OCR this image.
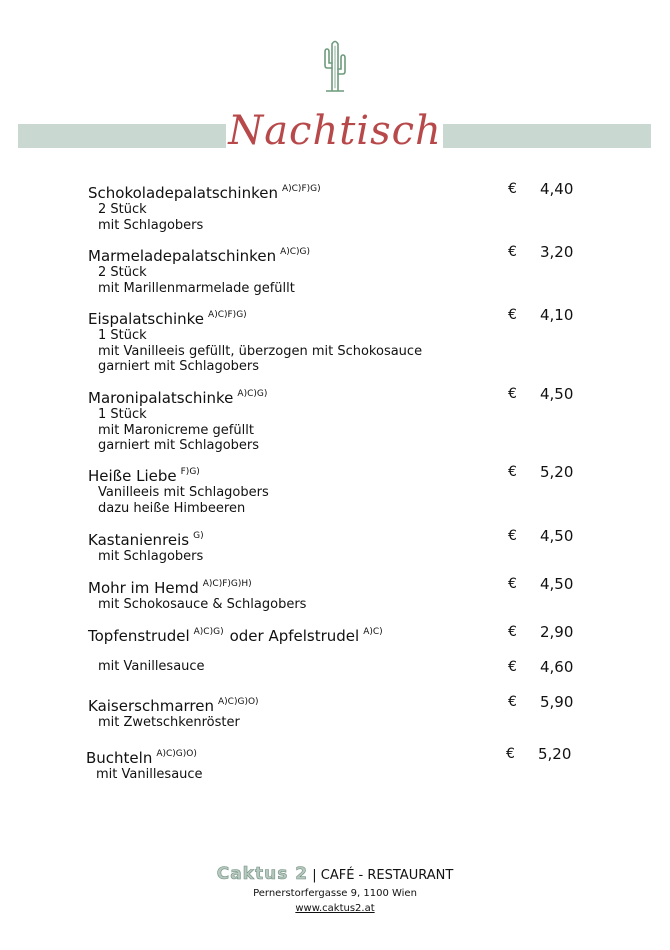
Nachtisch
Schokoladepalatschinken $^{A)C)F)G)}$
2 Stück
mit Schlagobers
€ 4,40
Marmeladepalatschinken $^{A)C)G)}$
2 Stück
mit Marillenmarmelade gefüllt
€ 3,20
Eispalatschinke $^{A)C)F)G)}$
1 Stück
mit Vanilleeis gefüllt, überzogen mit Schokosauce
garniert mit Schlagobers
€ 4,10
Maronipalatschinke $^{A)C)G)}$
1 Stück
mit Maronicreme gefüllt
garniert mit Schlagobers
€ 4,50
Heiße Liebe $^{F)G)}$
Vanilleeis mit Schlagobers
dazu heiße Himbeeren
€ 5,20
Kastanienreis $^{G)}$
mit Schlagobers
€ 4,50
Mohr im Hemd $^{A)C)F)G)H)}$
mit Schokosauce & Schlagobers
€ 4,50
Topfenstrudel $^{A)C)G)}$ oder Apfelstrudel $^{A)C)}$	€ 2,90
mit Vanillesauce	€ 4,60
Kaiserschmarren $^{A)C)G)O)}$
mit Zwetschkenröster
€ 5,90
Buchteln $^{A)C)G)O)}$
mit Vanillesauce
€ 5,20
Caktus 2 | CAFÉ - RESTAURANT
Pernerstorfergasse 9, 1100 Wien
www.caktus2.at
